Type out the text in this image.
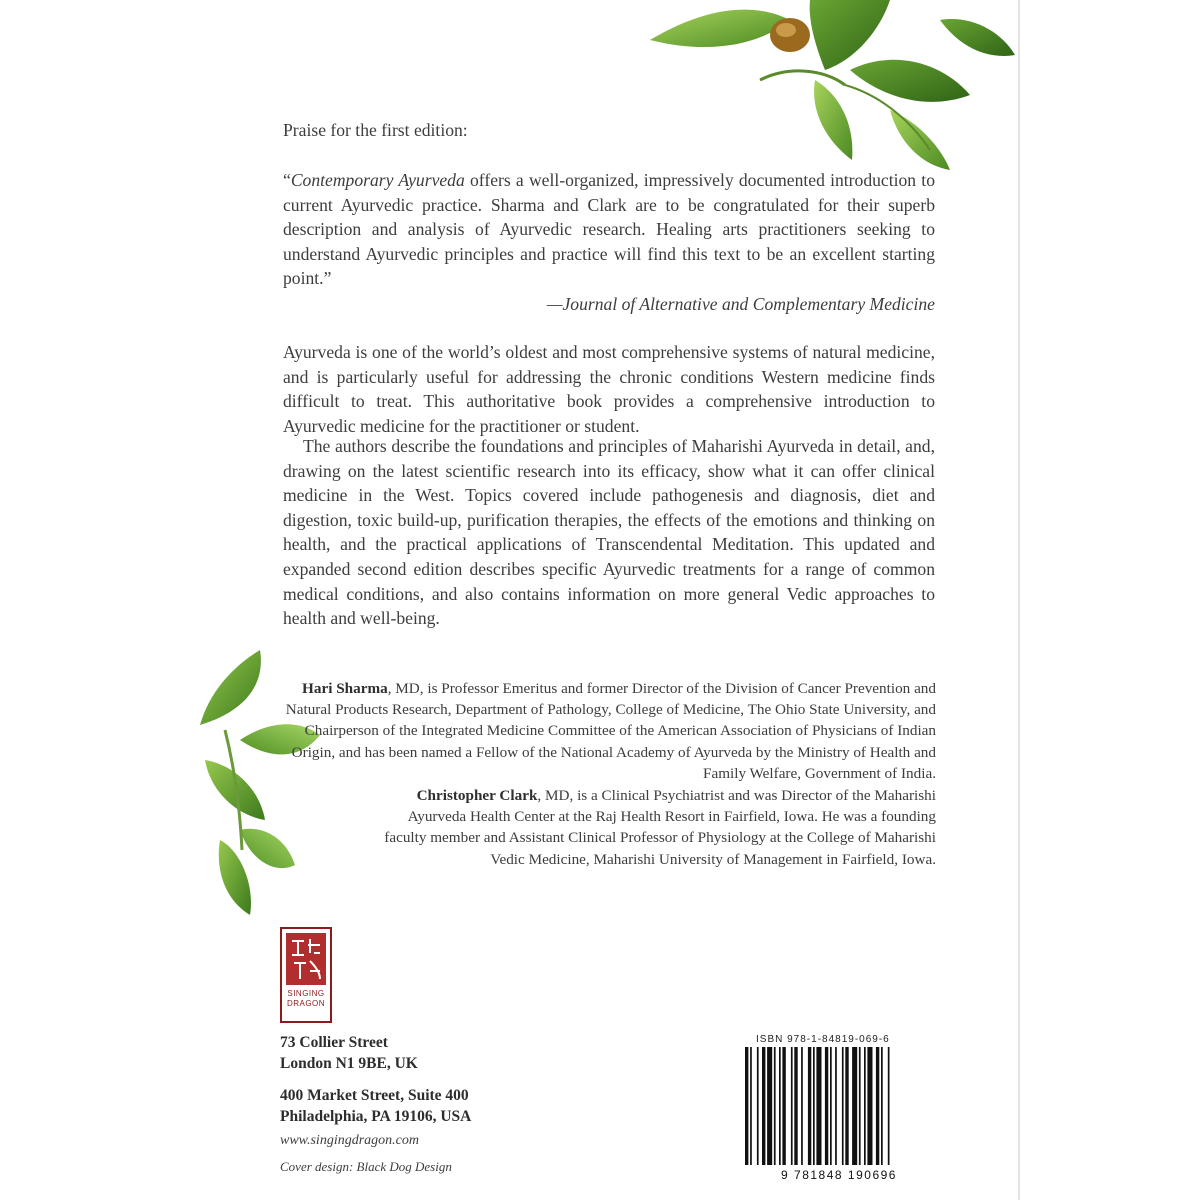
Praise for the first edition:
“Contemporary Ayurveda offers a well-organized, impressively documented introduction to current Ayurvedic practice. Sharma and Clark are to be congratulated for their superb description and analysis of Ayurvedic research. Healing arts practitioners seeking to understand Ayurvedic principles and practice will find this text to be an excellent starting point.”
—Journal of Alternative and Complementary Medicine
Ayurveda is one of the world’s oldest and most comprehensive systems of natural medicine, and is particularly useful for addressing the chronic conditions Western medicine finds difficult to treat. This authoritative book provides a comprehensive introduction to Ayurvedic medicine for the practitioner or student.
The authors describe the foundations and principles of Maharishi Ayurveda in detail, and, drawing on the latest scientific research into its efficacy, show what it can offer clinical medicine in the West. Topics covered include pathogenesis and diagnosis, diet and digestion, toxic build-up, purification therapies, the effects of the emotions and thinking on health, and the practical applications of Transcendental Meditation. This updated and expanded second edition describes specific Ayurvedic treatments for a range of common medical conditions, and also contains information on more general Vedic approaches to health and well-being.
Hari Sharma, MD, is Professor Emeritus and former Director of the Division of Cancer Prevention and Natural Products Research, Department of Pathology, College of Medicine, The Ohio State University, and Chairperson of the Integrated Medicine Committee of the American Association of Physicians of Indian Origin, and has been named a Fellow of the National Academy of Ayurveda by the Ministry of Health and Family Welfare, Government of India.
Christopher Clark, MD, is a Clinical Psychiatrist and was Director of the Maharishi Ayurveda Health Center at the Raj Health Resort in Fairfield, Iowa. He was a founding faculty member and Assistant Clinical Professor of Physiology at the College of Maharishi Vedic Medicine, Maharishi University of Management in Fairfield, Iowa.
SINGING
DRAGON
73 Collier Street
London N1 9BE, UK
400 Market Street, Suite 400
Philadelphia, PA 19106, USA
www.singingdragon.com
Cover design: Black Dog Design
ISBN 978-1-84819-069-6
9 781848 190696
